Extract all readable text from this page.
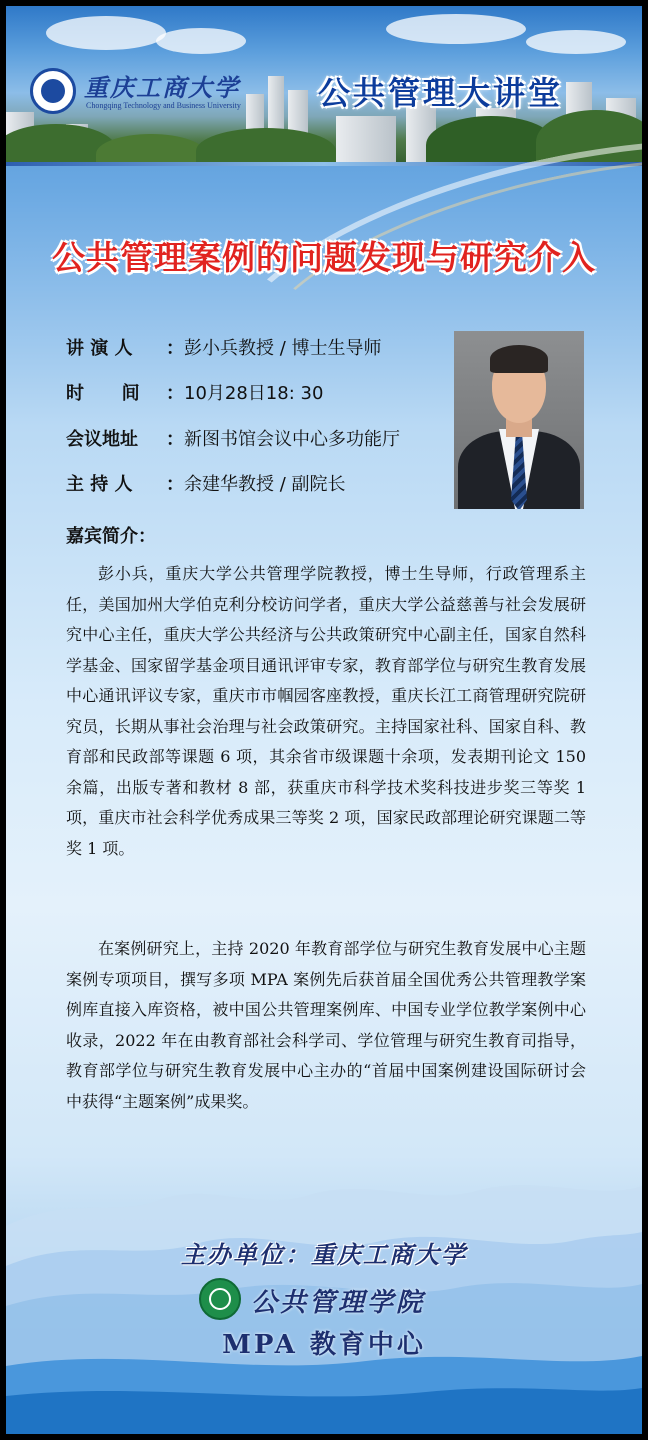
重庆工商大学
Chongqing Technology and Business University 公共管理大讲堂
公共管理案例的问题发现与研究介入
讲 演 人 ：彭小兵教授 / 博士生导师
时      间 ：10月28日18: 30
会议地址 ：新图书馆会议中心多功能厅
主 持 人 ：余建华教授 / 副院长
嘉宾简介：
彭小兵，重庆大学公共管理学院教授，博士生导师，行政管理系主任，美国加州大学伯克利分校访问学者，重庆大学公益慈善与社会发展研究中心主任，重庆大学公共经济与公共政策研究中心副主任，国家自然科学基金、国家留学基金项目通讯评审专家，教育部学位与研究生教育发展中心通讯评议专家，重庆市市帼园客座教授，重庆长江工商管理研究院研究员，长期从事社会治理与社会政策研究。主持国家社科、国家自科、教育部和民政部等课题 6 项，其余省市级课题十余项，发表期刊论文 150 余篇，出版专著和教材 8 部，获重庆市科学技术奖科技进步奖三等奖 1 项，重庆市社会科学优秀成果三等奖 2 项，国家民政部理论研究课题二等奖 1 项。
在案例研究上，主持 2020 年教育部学位与研究生教育发展中心主题案例专项项目，撰写多项 MPA 案例先后获首届全国优秀公共管理教学案例库直接入库资格，被中国公共管理案例库、中国专业学位教学案例中心收录，2022 年在由教育部社会科学司、学位管理与研究生教育司指导，教育部学位与研究生教育发展中心主办的“首届中国案例建设国际研讨会中获得“主题案例”成果奖。
主办单位：重庆工商大学
公共管理学院
MPA 教育中心
